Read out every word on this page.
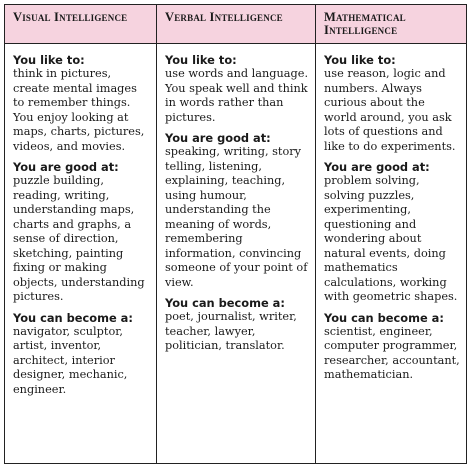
Visual Intelligence	Verbal Intelligence	Mathematical Intelligence

You like to:

think in pictures, create mental images to remember things. You enjoy looking at maps, charts, pictures, videos, and movies.

You are good at:

puzzle building, reading, writing, understanding maps, charts and graphs, a sense of direction, sketching, painting fixing or making objects, understanding pictures.

You can become a:

navigator, sculptor, artist, inventor, architect, interior designer, mechanic, engineer.

You like to:

use words and language. You speak well and think in words rather than pictures.

You are good at:

speaking, writing, story telling, listening, explaining, teaching, using humour, understanding the meaning of words, remembering information, convincing someone of your point of view.

You can become a:

poet, journalist, writer, teacher, lawyer, politician, translator.

You like to:

use reason, logic and numbers. Always curious about the world around, you ask lots of questions and like to do experiments.

You are good at:

problem solving, solving puzzles, experimenting, questioning and wondering about natural events, doing mathematics calculations, working with geometric shapes.

You can become a:

scientist, engineer, computer programmer, researcher, accountant, mathematician.
